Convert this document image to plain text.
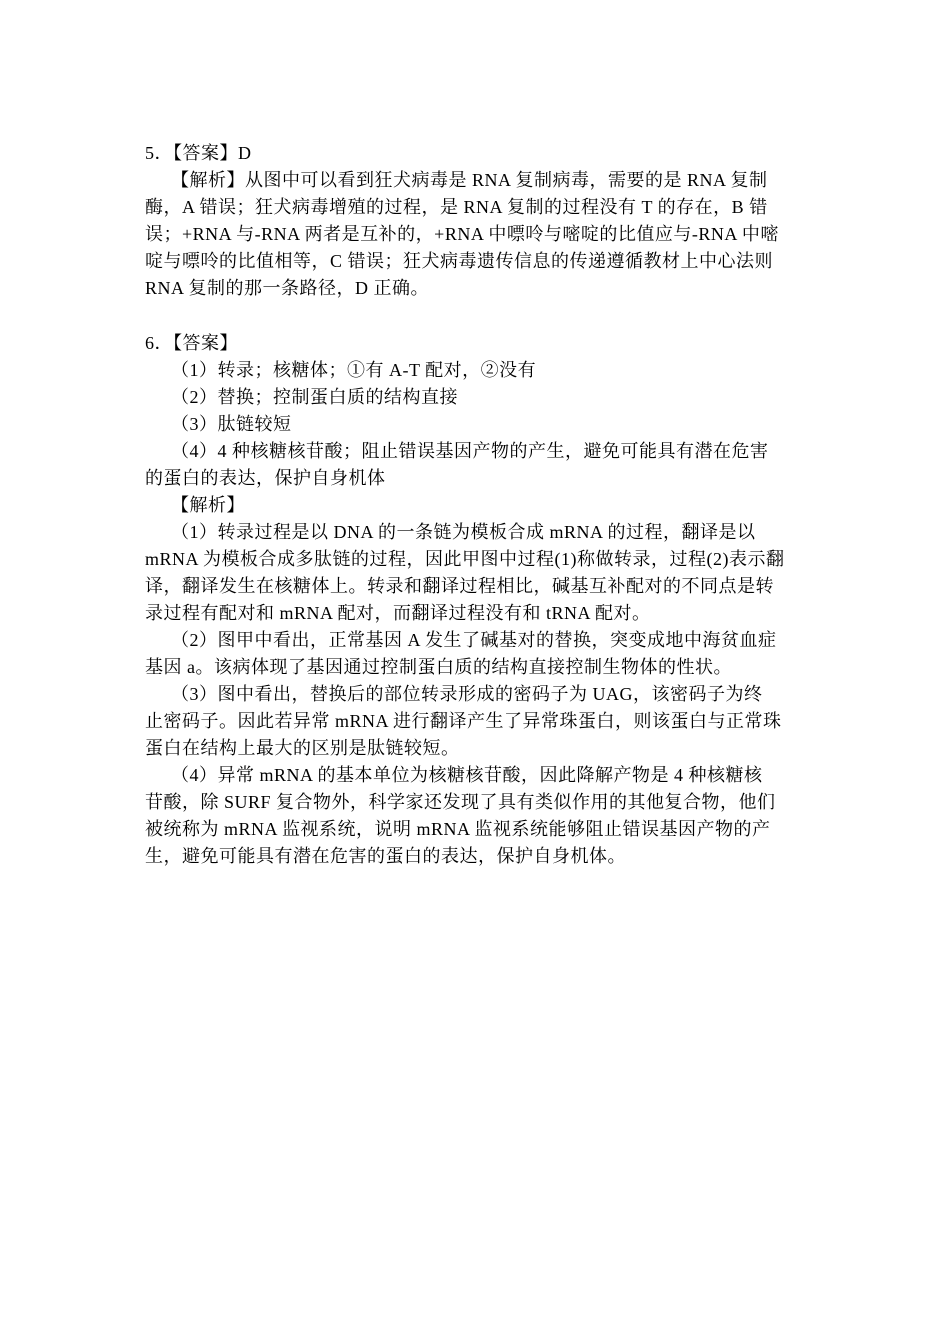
5．【答案】D
【解析】从图中可以看到狂犬病毒是 RNA 复制病毒，需要的是 RNA 复制
酶，A 错误；狂犬病毒增殖的过程，是 RNA 复制的过程没有 T 的存在，B 错
误；+RNA 与-RNA 两者是互补的，+RNA 中嘌呤与嘧啶的比值应与-RNA 中嘧
啶与嘌呤的比值相等，C 错误；狂犬病毒遗传信息的传递遵循教材上中心法则
RNA 复制的那一条路径，D 正确。
6．【答案】
（1）转录；核糖体；①有 A-T 配对，②没有
（2）替换；控制蛋白质的结构直接
（3）肽链较短
（4）4 种核糖核苷酸；阻止错误基因产物的产生，避免可能具有潜在危害
的蛋白的表达，保护自身机体
【解析】
（1）转录过程是以 DNA 的一条链为模板合成 mRNA 的过程，翻译是以
mRNA 为模板合成多肽链的过程，因此甲图中过程(1)称做转录，过程(2)表示翻
译，翻译发生在核糖体上。转录和翻译过程相比，碱基互补配对的不同点是转
录过程有配对和 mRNA 配对，而翻译过程没有和 tRNA 配对。
（2）图甲中看出，正常基因 A 发生了碱基对的替换，突变成地中海贫血症
基因 a。该病体现了基因通过控制蛋白质的结构直接控制生物体的性状。
（3）图中看出，替换后的部位转录形成的密码子为 UAG，该密码子为终
止密码子。因此若异常 mRNA 进行翻译产生了异常珠蛋白，则该蛋白与正常珠
蛋白在结构上最大的区别是肽链较短。
（4）异常 mRNA 的基本单位为核糖核苷酸，因此降解产物是 4 种核糖核
苷酸，除 SURF 复合物外，科学家还发现了具有类似作用的其他复合物，他们
被统称为 mRNA 监视系统，说明 mRNA 监视系统能够阻止错误基因产物的产
生，避免可能具有潜在危害的蛋白的表达，保护自身机体。
